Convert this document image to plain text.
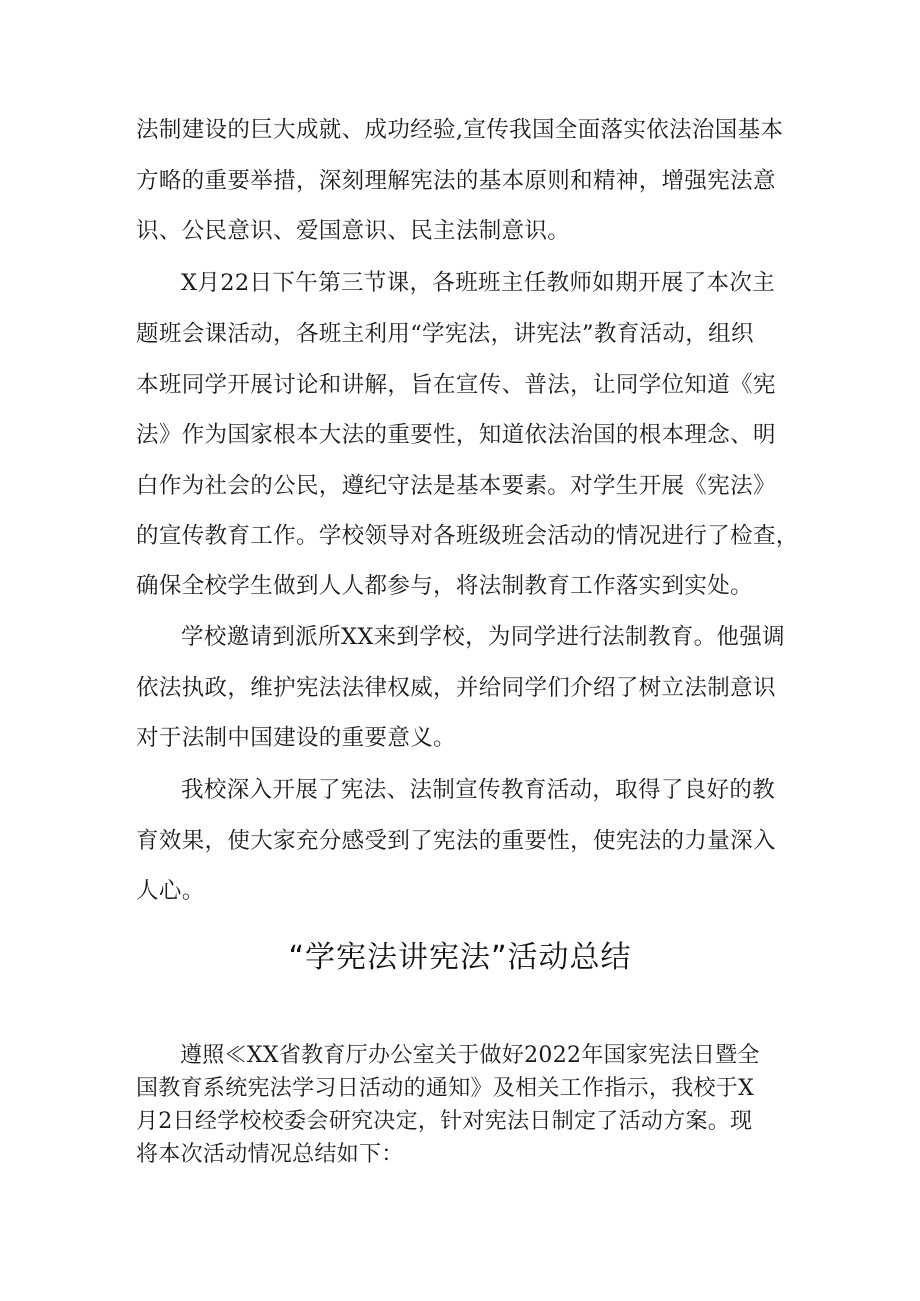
法制建设的巨大成就、成功经验,宣传我国全面落实依法治国基本
方略的重要举措，深刻理解宪法的基本原则和精神，增强宪法意
识、公民意识、爱国意识、民主法制意识。
X月22日下午第三节课，各班班主任教师如期开展了本次主
题班会课活动，各班主利用“学宪法，讲宪法”教育活动，组织
本班同学开展讨论和讲解，旨在宣传、普法，让同学位知道《宪
法》作为国家根本大法的重要性，知道依法治国的根本理念、明
白作为社会的公民，遵纪守法是基本要素。对学生开展《宪法》
的宣传教育工作。学校领导对各班级班会活动的情况进行了检查，
确保全校学生做到人人都参与，将法制教育工作落实到实处。
学校邀请到派所XX来到学校，为同学进行法制教育。他强调
依法执政，维护宪法法律权威，并给同学们介绍了树立法制意识
对于法制中国建设的重要意义。
我校深入开展了宪法、法制宣传教育活动，取得了良好的教
育效果，使大家充分感受到了宪法的重要性，使宪法的力量深入
人心。
“学宪法讲宪法”活动总结
遵照≪XX省教育厅办公室关于做好2022年国家宪法日暨全
国教育系统宪法学习日活动的通知》及相关工作指示，我校于X
月2日经学校校委会研究决定，针对宪法日制定了活动方案。现
将本次活动情况总结如下：
